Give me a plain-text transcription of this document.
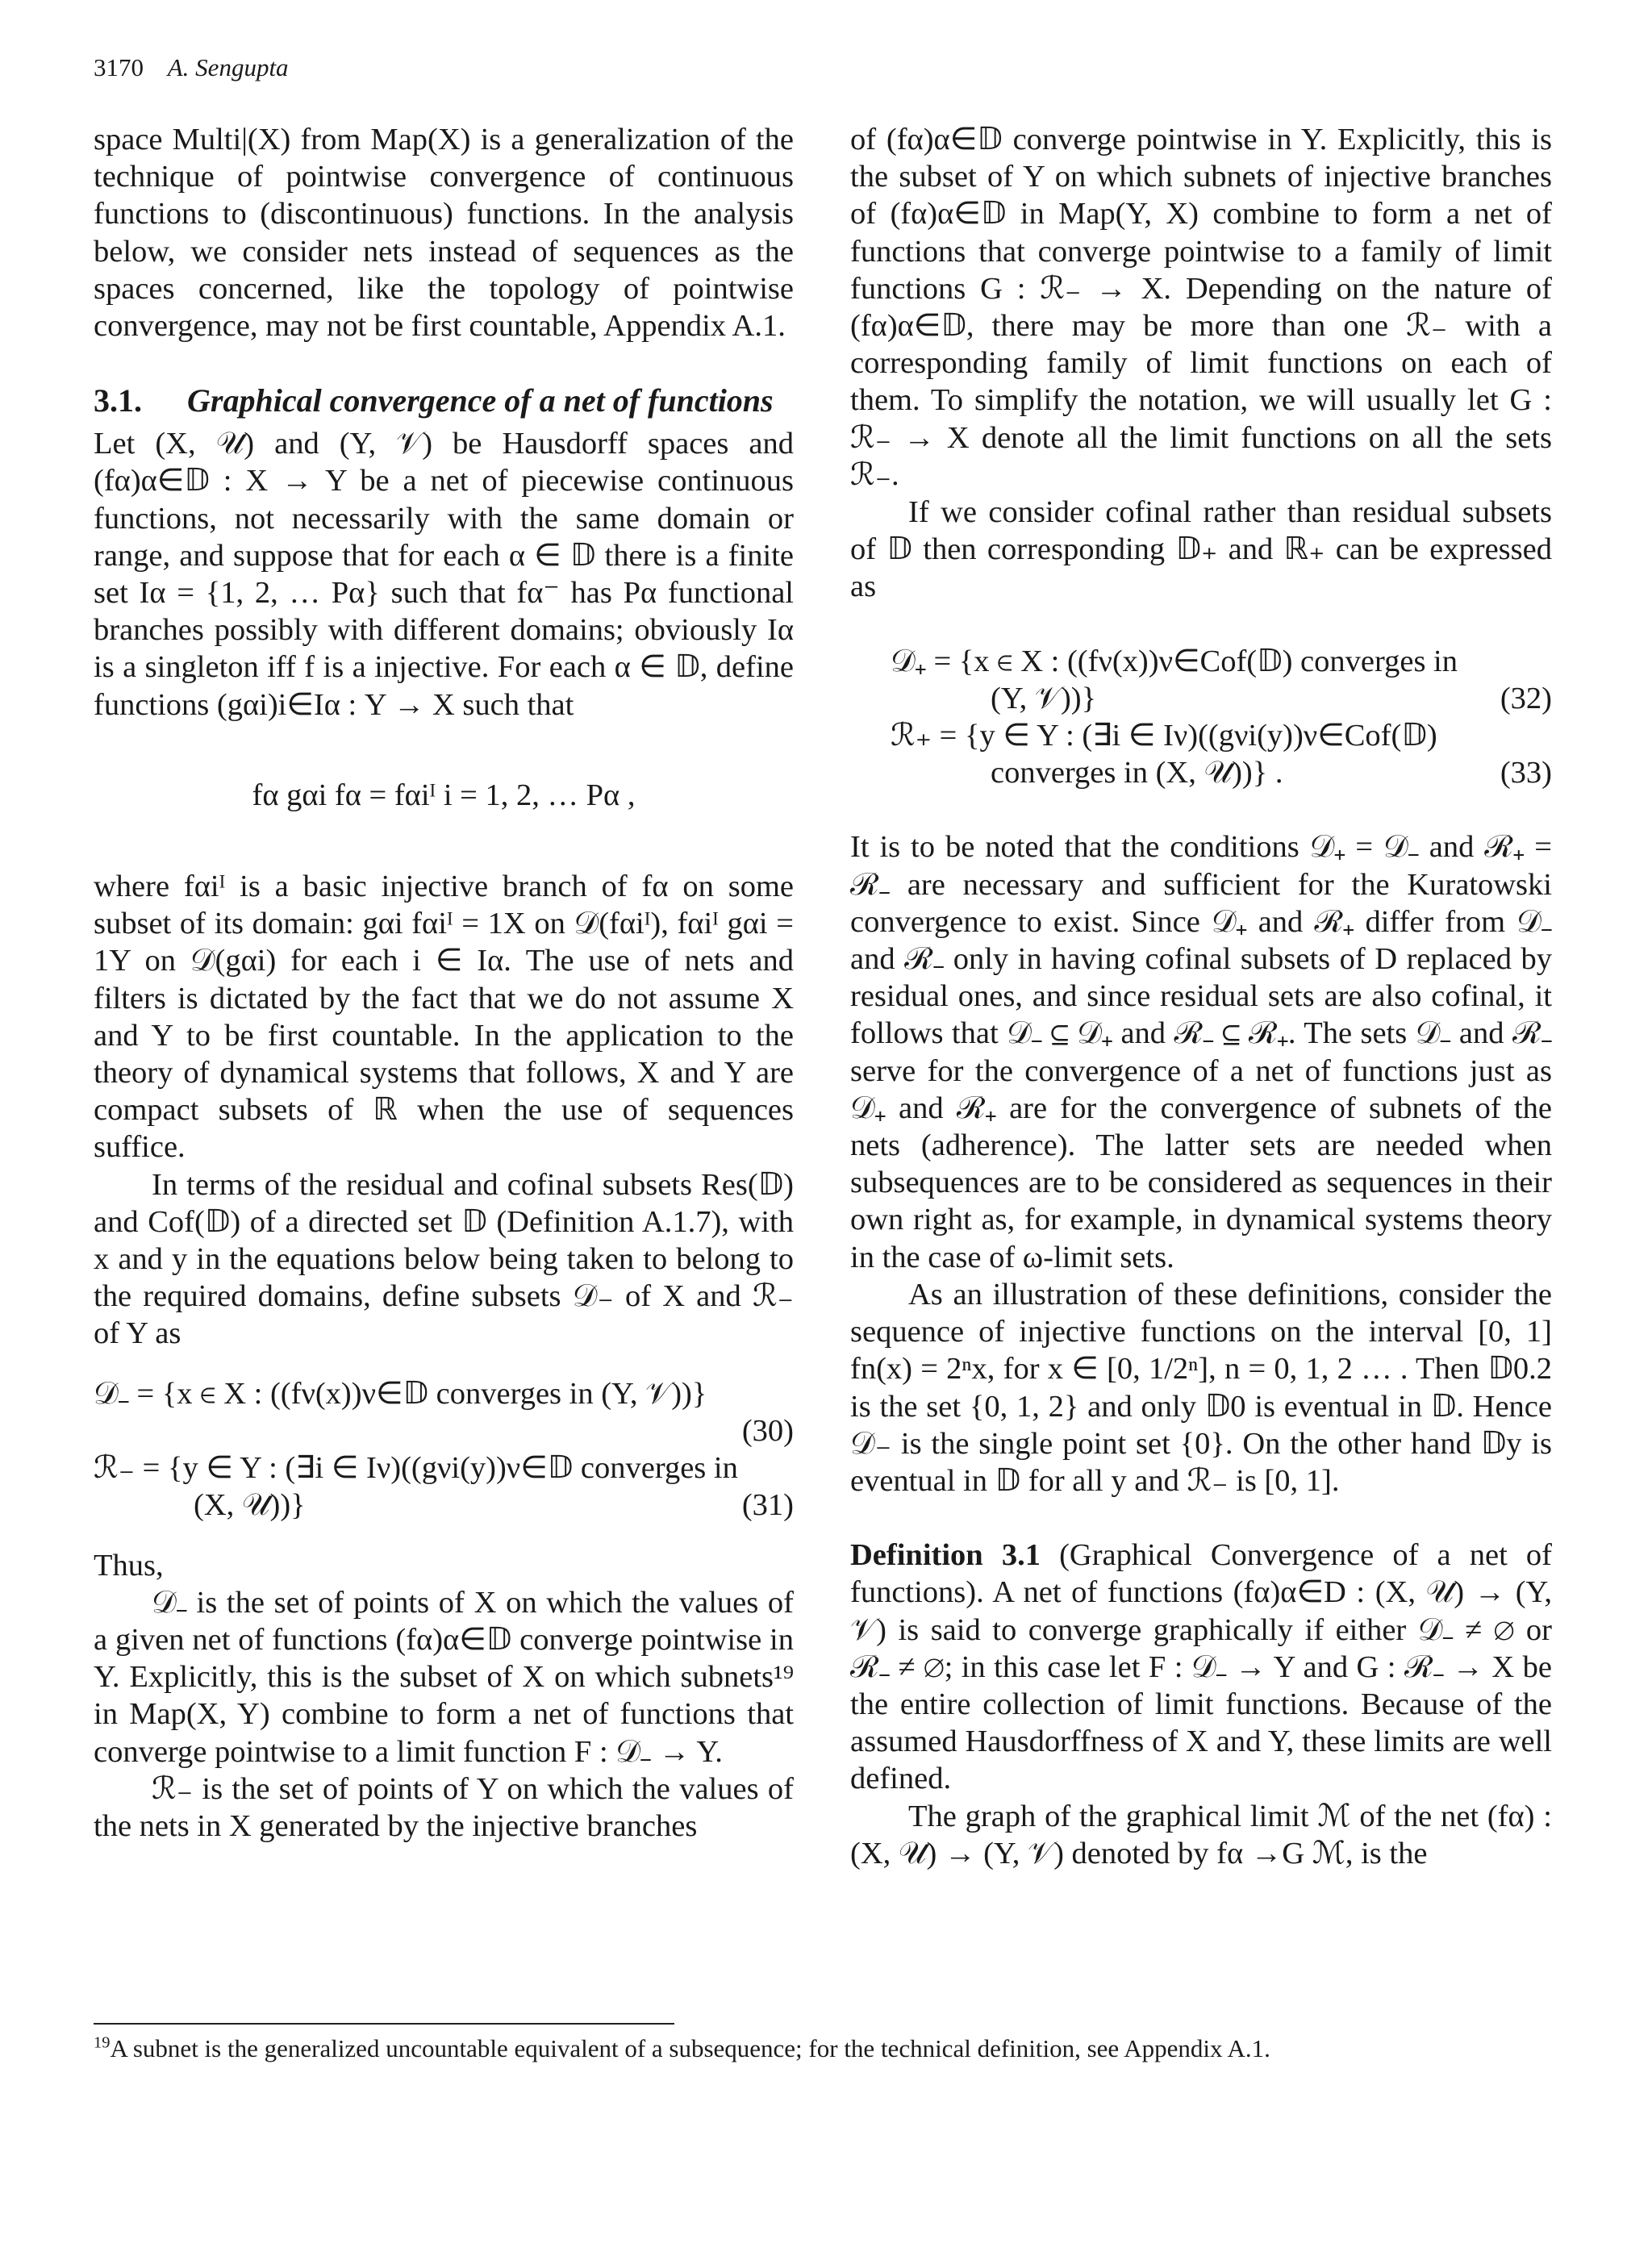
3170 A. Sengupta

space Multi|(X) from Map(X) is a generalization of the technique of pointwise convergence of continuous functions to (discontinuous) functions. In the analysis below, we consider nets instead of sequences as the spaces concerned, like the topology of pointwise convergence, may not be first countable, Appendix A.1.

3.1.	Graphical convergence of a net of functions

Let (X, 𝒰) and (Y, 𝒱) be Hausdorff spaces and (fα)α∈𝔻 : X → Y be a net of piecewise continuous functions, not necessarily with the same domain or range, and suppose that for each α ∈ 𝔻 there is a finite set Iα = {1, 2, … Pα} such that fα⁻ has Pα functional branches possibly with different domains; obviously Iα is a singleton iff f is a injective. For each α ∈ 𝔻, define functions (gαi)i∈Iα : Y → X such that

fα gαi fα = fαiᴵ i = 1, 2, … Pα ,

where fαiᴵ is a basic injective branch of fα on some subset of its domain: gαi fαiᴵ = 1X on 𝒟(fαiᴵ), fαiᴵ gαi = 1Y on 𝒟(gαi) for each i ∈ Iα. The use of nets and filters is dictated by the fact that we do not assume X and Y to be first countable. In the application to the theory of dynamical systems that follows, X and Y are compact subsets of ℝ when the use of sequences suffice.

In terms of the residual and cofinal subsets Res(𝔻) and Cof(𝔻) of a directed set 𝔻 (Definition A.1.7), with x and y in the equations below being taken to belong to the required domains, define subsets 𝒟₋ of X and ℛ₋ of Y as

𝒟₋ = {x ∈ X : ((fν(x))ν∈𝔻 converges in (Y, 𝒱))}
(30)
ℛ₋ = {y ∈ Y : (∃i ∈ Iν)((gνi(y))ν∈𝔻 converges in
(X, 𝒰))}	(31)

Thus,

𝒟₋ is the set of points of X on which the values of a given net of functions (fα)α∈𝔻 converge pointwise in Y. Explicitly, this is the subset of X on which subnets¹⁹ in Map(X, Y) combine to form a net of functions that converge pointwise to a limit function F : 𝒟₋ → Y.

ℛ₋ is the set of points of Y on which the values of the nets in X generated by the injective branches

of (fα)α∈𝔻 converge pointwise in Y. Explicitly, this is the subset of Y on which subnets of injective branches of (fα)α∈𝔻 in Map(Y, X) combine to form a net of functions that converge pointwise to a family of limit functions G : ℛ₋ → X. Depending on the nature of (fα)α∈𝔻, there may be more than one ℛ₋ with a corresponding family of limit functions on each of them. To simplify the notation, we will usually let G : ℛ₋ → X denote all the limit functions on all the sets ℛ₋.

If we consider cofinal rather than residual subsets of 𝔻 then corresponding 𝔻₊ and ℝ₊ can be expressed as

𝒟₊ = {x ∈ X : ((fν(x))ν∈Cof(𝔻) converges in
(Y, 𝒱))}	(32)
ℛ₊ = {y ∈ Y : (∃i ∈ Iν)((gνi(y))ν∈Cof(𝔻)
converges in (X, 𝒰))} .	(33)

It is to be noted that the conditions 𝒟₊ = 𝒟₋ and ℛ₊ = ℛ₋ are necessary and sufficient for the Kuratowski convergence to exist. Since 𝒟₊ and ℛ₊ differ from 𝒟₋ and ℛ₋ only in having cofinal subsets of D replaced by residual ones, and since residual sets are also cofinal, it follows that 𝒟₋ ⊆ 𝒟₊ and ℛ₋ ⊆ ℛ₊. The sets 𝒟₋ and ℛ₋ serve for the convergence of a net of functions just as 𝒟₊ and ℛ₊ are for the convergence of subnets of the nets (adherence). The latter sets are needed when subsequences are to be considered as sequences in their own right as, for example, in dynamical systems theory in the case of ω-limit sets.

As an illustration of these definitions, consider the sequence of injective functions on the interval [0, 1] fn(x) = 2ⁿx, for x ∈ [0, 1/2ⁿ], n = 0, 1, 2 … . Then 𝔻0.2 is the set {0, 1, 2} and only 𝔻0 is eventual in 𝔻. Hence 𝒟₋ is the single point set {0}. On the other hand 𝔻y is eventual in 𝔻 for all y and ℛ₋ is [0, 1].

Definition 3.1 (Graphical Convergence of a net of functions). A net of functions (fα)α∈D : (X, 𝒰) → (Y, 𝒱) is said to converge graphically if either 𝒟₋ ≠ ∅ or ℛ₋ ≠ ∅; in this case let F : 𝒟₋ → Y and G : ℛ₋ → X be the entire collection of limit functions. Because of the assumed Hausdorffness of X and Y, these limits are well defined.

The graph of the graphical limit ℳ of the net (fα) : (X, 𝒰) → (Y, 𝒱) denoted by fα →G ℳ, is the

$^{19}$A subnet is the generalized uncountable equivalent of a subsequence; for the technical definition, see Appendix A.1.
